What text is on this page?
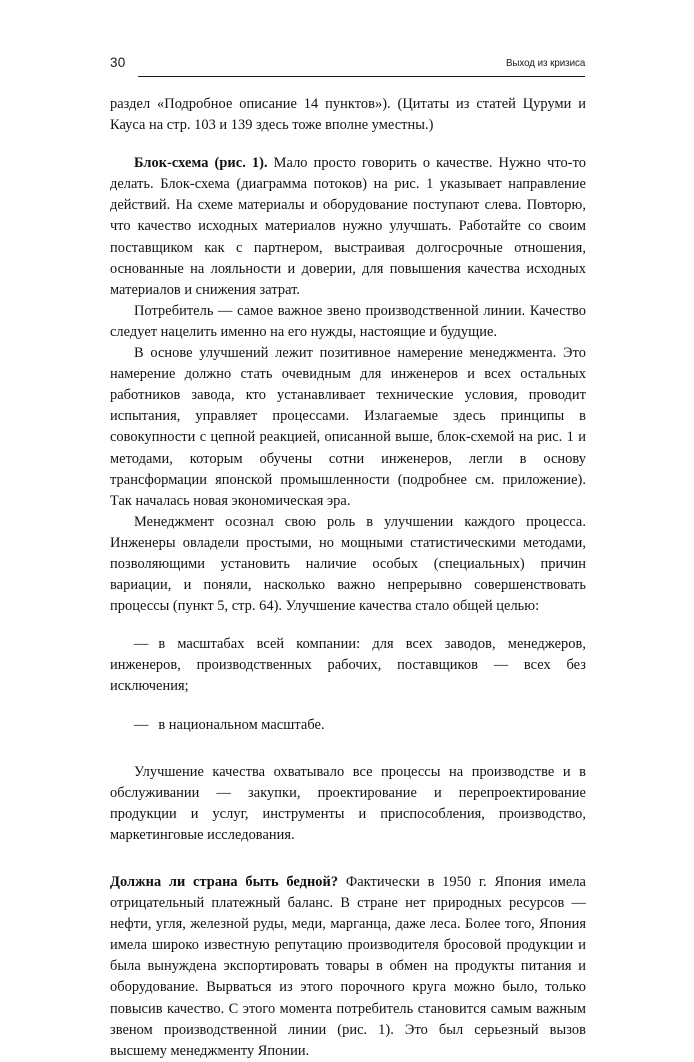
30	Выход из кризиса

раздел «Подробное описание 14 пунктов»). (Цитаты из статей Цуруми и Кауса на стр. 103 и 139 здесь тоже вполне уместны.)

Блок-схема (рис. 1). Мало просто говорить о качестве. Нужно что-то делать. Блок-схема (диаграмма потоков) на рис. 1 указывает направление действий. На схеме материалы и оборудование поступают слева. Повторю, что качество исходных материалов нужно улучшать. Работайте со своим поставщиком как с партнером, выстраивая долгосрочные отношения, основанные на лояльности и доверии, для повышения качества исходных материалов и снижения затрат.

Потребитель — самое важное звено производственной линии. Качество следует нацелить именно на его нужды, настоящие и будущие.

В основе улучшений лежит позитивное намерение менеджмента. Это намерение должно стать очевидным для инженеров и всех остальных работников завода, кто устанавливает технические условия, проводит испытания, управляет процессами. Излагаемые здесь принципы в совокупности с цепной реакцией, описанной выше, блок-схемой на рис. 1 и методами, которым обучены сотни инженеров, легли в основу трансформации японской промышленности (подробнее см. приложение). Так началась новая экономическая эра.

Менеджмент осознал свою роль в улучшении каждого процесса. Инженеры овладели простыми, но мощными статистическими методами, позволяющими установить наличие особых (специальных) причин вариации, и поняли, насколько важно непрерывно совершенствовать процессы (пункт 5, стр. 64). Улучшение качества стало общей целью:

— в масштабах всей компании: для всех заводов, менеджеров, инженеров, производственных рабочих, поставщиков — всех без исключения;

— в национальном масштабе.

Улучшение качества охватывало все процессы на производстве и в обслуживании — закупки, проектирование и перепроектирование продукции и услуг, инструменты и приспособления, производство, маркетинговые исследования.

Должна ли страна быть бедной? Фактически в 1950 г. Япония имела отрицательный платежный баланс. В стране нет природных ресурсов — нефти, угля, железной руды, меди, марганца, даже леса. Более того, Япония имела широко известную репутацию производителя бросовой продукции и была вынуждена экспортировать товары в обмен на продукты питания и оборудование. Вырваться из этого порочного круга можно было, только повысив качество. С этого момента потребитель становится самым важным звеном производственной линии (рис. 1). Это был серьезный вызов высшему менеджменту Японии.
